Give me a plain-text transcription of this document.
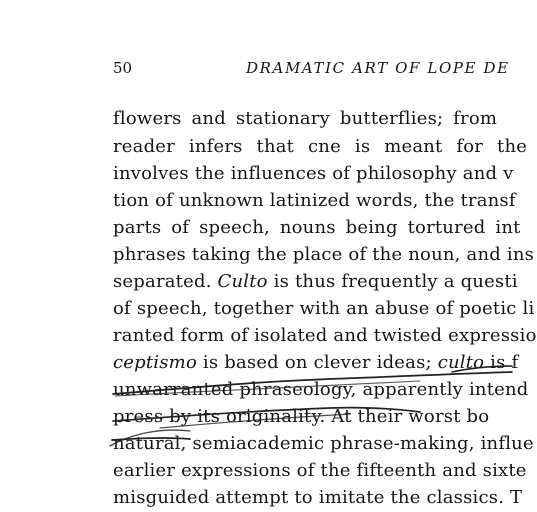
50	DRAMATIC ART OF LOPE DE
flowers and stationary butterflies; from
reader infers that cne is meant for the
involves the influences of philosophy and v
tion of unknown latinized words, the transf
parts of speech, nouns being tortured int
phrases taking the place of the noun, and ins
separated. Culto is thus frequently a questi
of speech, together with an abuse of poetic li
ranted form of isolated and twisted expressio
ceptismo is based on clever ideas; culto is f
unwarranted phraseology, apparently intend
press by its originality. At their worst bo
natural, semiacademic phrase-making, influe
earlier expressions of the fifteenth and sixte
misguided attempt to imitate the classics. T
